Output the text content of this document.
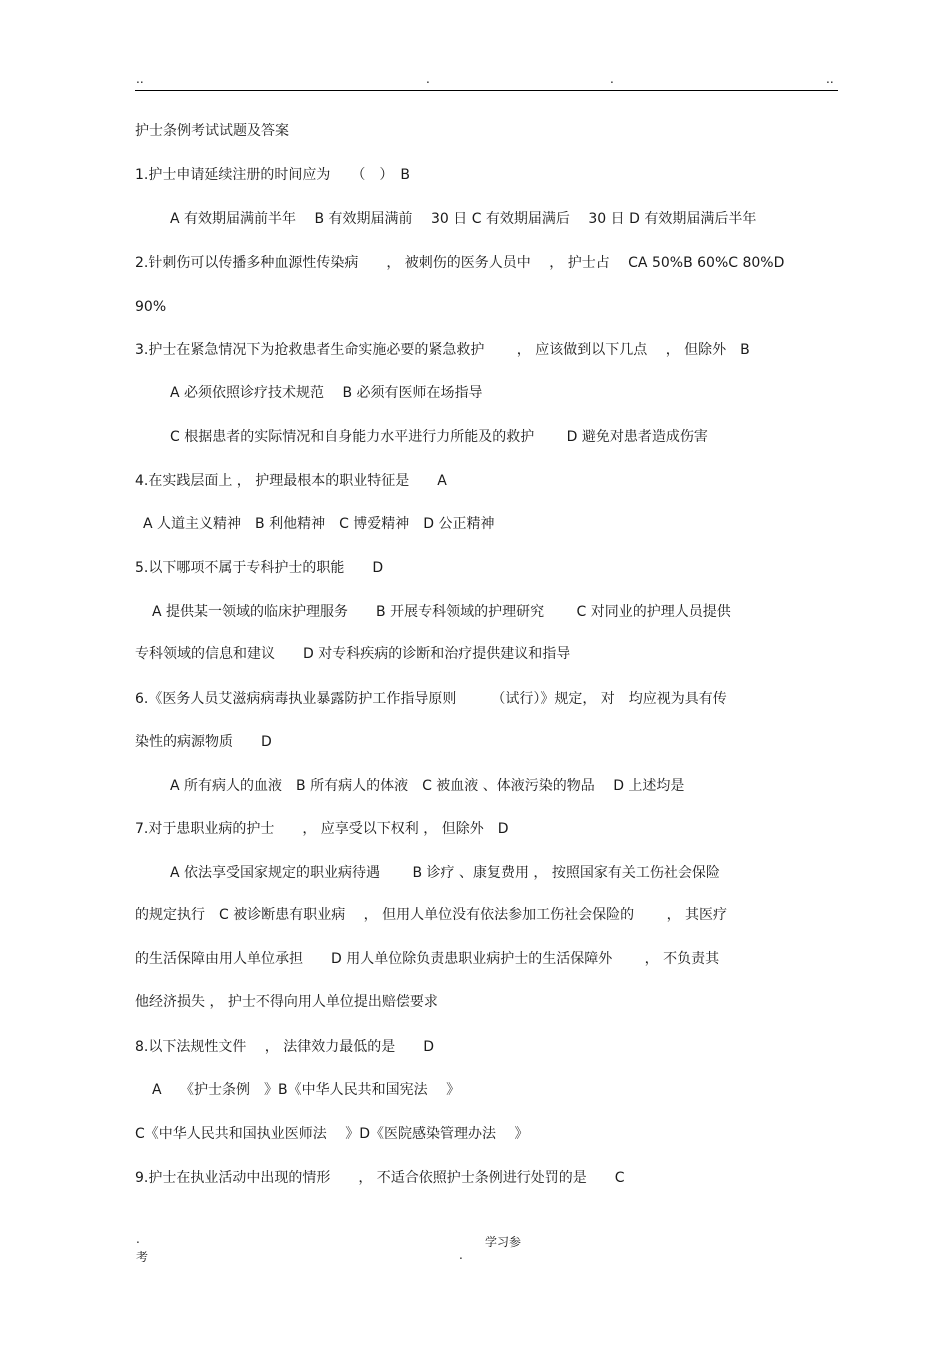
..	.	.	..
护士条例考试试题及答案
1.护士申请延续注册的时间应为　　（　）　B
A 有效期届满前半年　 B 有效期届满前　 30 日 C 有效期届满后　 30 日 D 有效期届满后半年
2.针刺伤可以传播多种血源性传染病　　， 被刺伤的医务人员中　 ， 护士占　 CA 50%B 60%C 80%D
90%
3.护士在紧急情况下为抢救患者生命实施必要的紧急救护　　 ， 应该做到以下几点　 ， 但除外　B
A 必须依照诊疗技术规范　 B 必须有医师在场指导
C 根据患者的实际情况和自身能力水平进行力所能及的救护　　 D 避免对患者造成伤害
4.在实践层面上 ， 护理最根本的职业特征是　　A
A 人道主义精神　B 利他精神　C 博爱精神　D 公正精神
5.以下哪项不属于专科护士的职能　　D
A 提供某一领域的临床护理服务　　B 开展专科领域的护理研究　　 C 对同业的护理人员提供
专科领域的信息和建议　　D 对专科疾病的诊断和治疗提供建议和指导
6.《医务人员艾滋病病毒执业暴露防护工作指导原则　　　（试行）》规定， 对　均应视为具有传
染性的病源物质　　D
A 所有病人的血液　B 所有病人的体液　C 被血液 、体液污染的物品　 D 上述均是
7.对于患职业病的护士　　， 应享受以下权利 ， 但除外　D
A 依法享受国家规定的职业病待遇　　 B 诊疗 、康复费用 ， 按照国家有关工伤社会保险
的规定执行　C 被诊断患有职业病　 ， 但用人单位没有依法参加工伤社会保险的　　 ， 其医疗
的生活保障由用人单位承担　　D 用人单位除负责患职业病护士的生活保障外　　 ， 不负责其
他经济损失 ， 护士不得向用人单位提出赔偿要求
8.以下法规性文件　 ， 法律效力最低的是　　D
A　 《护士条例　》B《中华人民共和国宪法　 》
C《中华人民共和国执业医师法　 》D《医院感染管理办法　 》
9.护士在执业活动中出现的情形　　， 不适合依照护士条例进行处罚的是　　C
.
考
学习参
.
